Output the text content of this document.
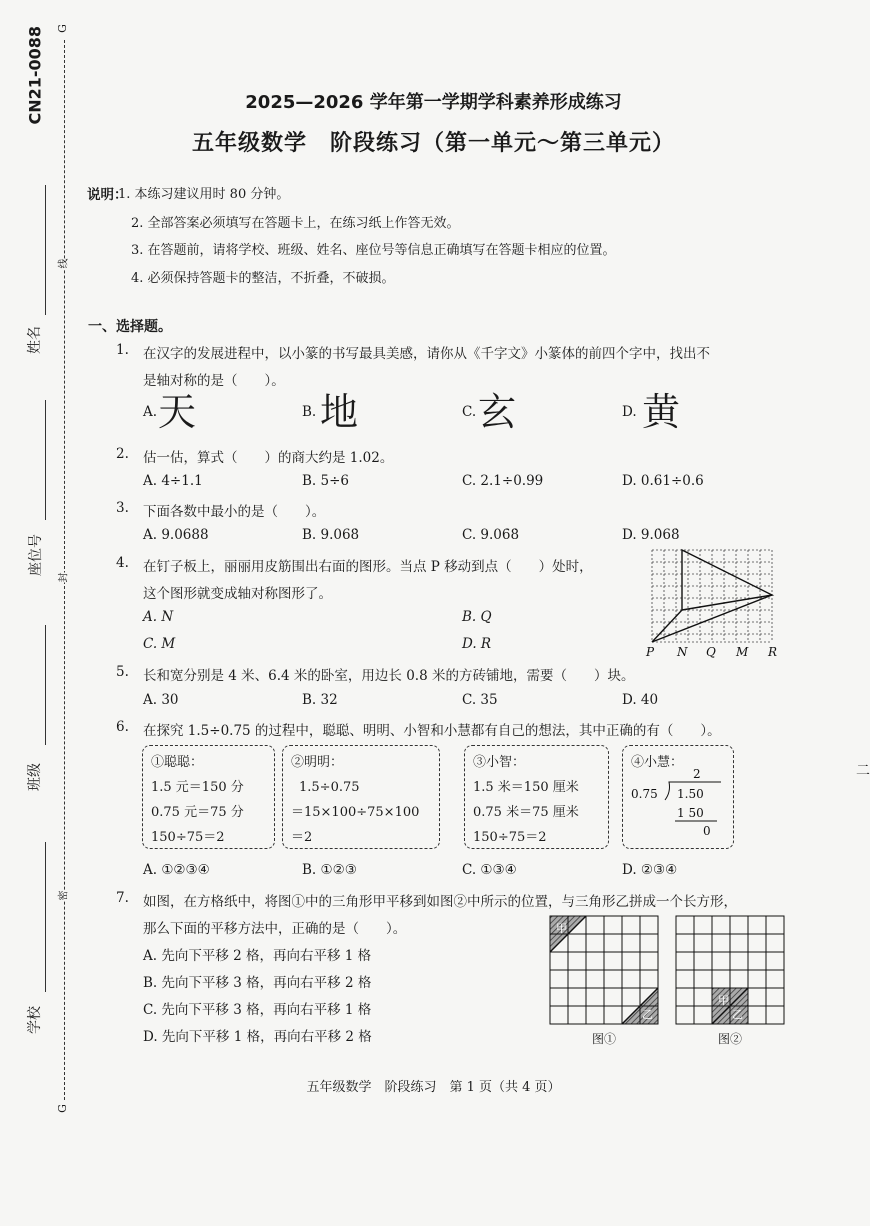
CN21-0088 G
G
线
封
密
姓名
座位号
班级
学校
2025—2026 学年第一学期学科素养形成练习
五年级数学　阶段练习（第一单元～第三单元）
说明：
1. 本练习建议用时 80 分钟。
2. 全部答案必须填写在答题卡上，在练习纸上作答无效。
3. 在答题前，请将学校、班级、姓名、座位号等信息正确填写在答题卡相应的位置。
4. 必须保持答题卡的整洁，不折叠，不破损。
一、选择题。
1. 在汉字的发展进程中，以小篆的书写最具美感，请你从《千字文》小篆体的前四个字中，找出不
是轴对称的是（　　）。
A. 天	B. 地	C. 玄	D. 黄
2. 估一估，算式（　　）的商大约是 1.02。
A. 4÷1.1	B. 5÷6	C. 2.1÷0.99	D. 0.61÷0.6
3. 下面各数中最小的是（　　）。
A. 9.0688	B. 9.068̇	C. 9.06̇8̇	D. 9.0̇68̇
4. 在钉子板上，丽丽用皮筋围出右面的图形。当点 P 移动到点（　　）处时，
这个图形就变成轴对称图形了。
A. N	B. Q
C. M	D. R	P N Q M R
5. 长和宽分别是 4 米、6.4 米的卧室，用边长 0.8 米的方砖铺地，需要（　　）块。
A. 30	B. 32	C. 35	D. 40
6. 在探究 1.5÷0.75 的过程中，聪聪、明明、小智和小慧都有自己的想法，其中正确的有（　　）。
①聪聪：
1.5 元＝150 分
0.75 元＝75 分
150÷75＝2
②明明：
1.5÷0.75
＝15×100÷75×100
＝2
③小智：
1.5 米＝150 厘米
0.75 米＝75 厘米
150÷75＝2
④小慧：
2
0.75 1.50
1 50
0
A. ①②③④	B. ①②③	C. ①③④	D. ②③④
7. 如图，在方格纸中，将图①中的三角形甲平移到如图②中所示的位置，与三角形乙拼成一个长方形，
那么下面的平移方法中，正确的是（　　）。
A. 先向下平移 2 格，再向右平移 1 格
B. 先向下平移 3 格，再向右平移 2 格
C. 先向下平移 3 格，再向右平移 1 格
D. 先向下平移 1 格，再向右平移 2 格
甲
乙
图①
甲
乙
图②
二
五年级数学　阶段练习　第 1 页（共 4 页）
